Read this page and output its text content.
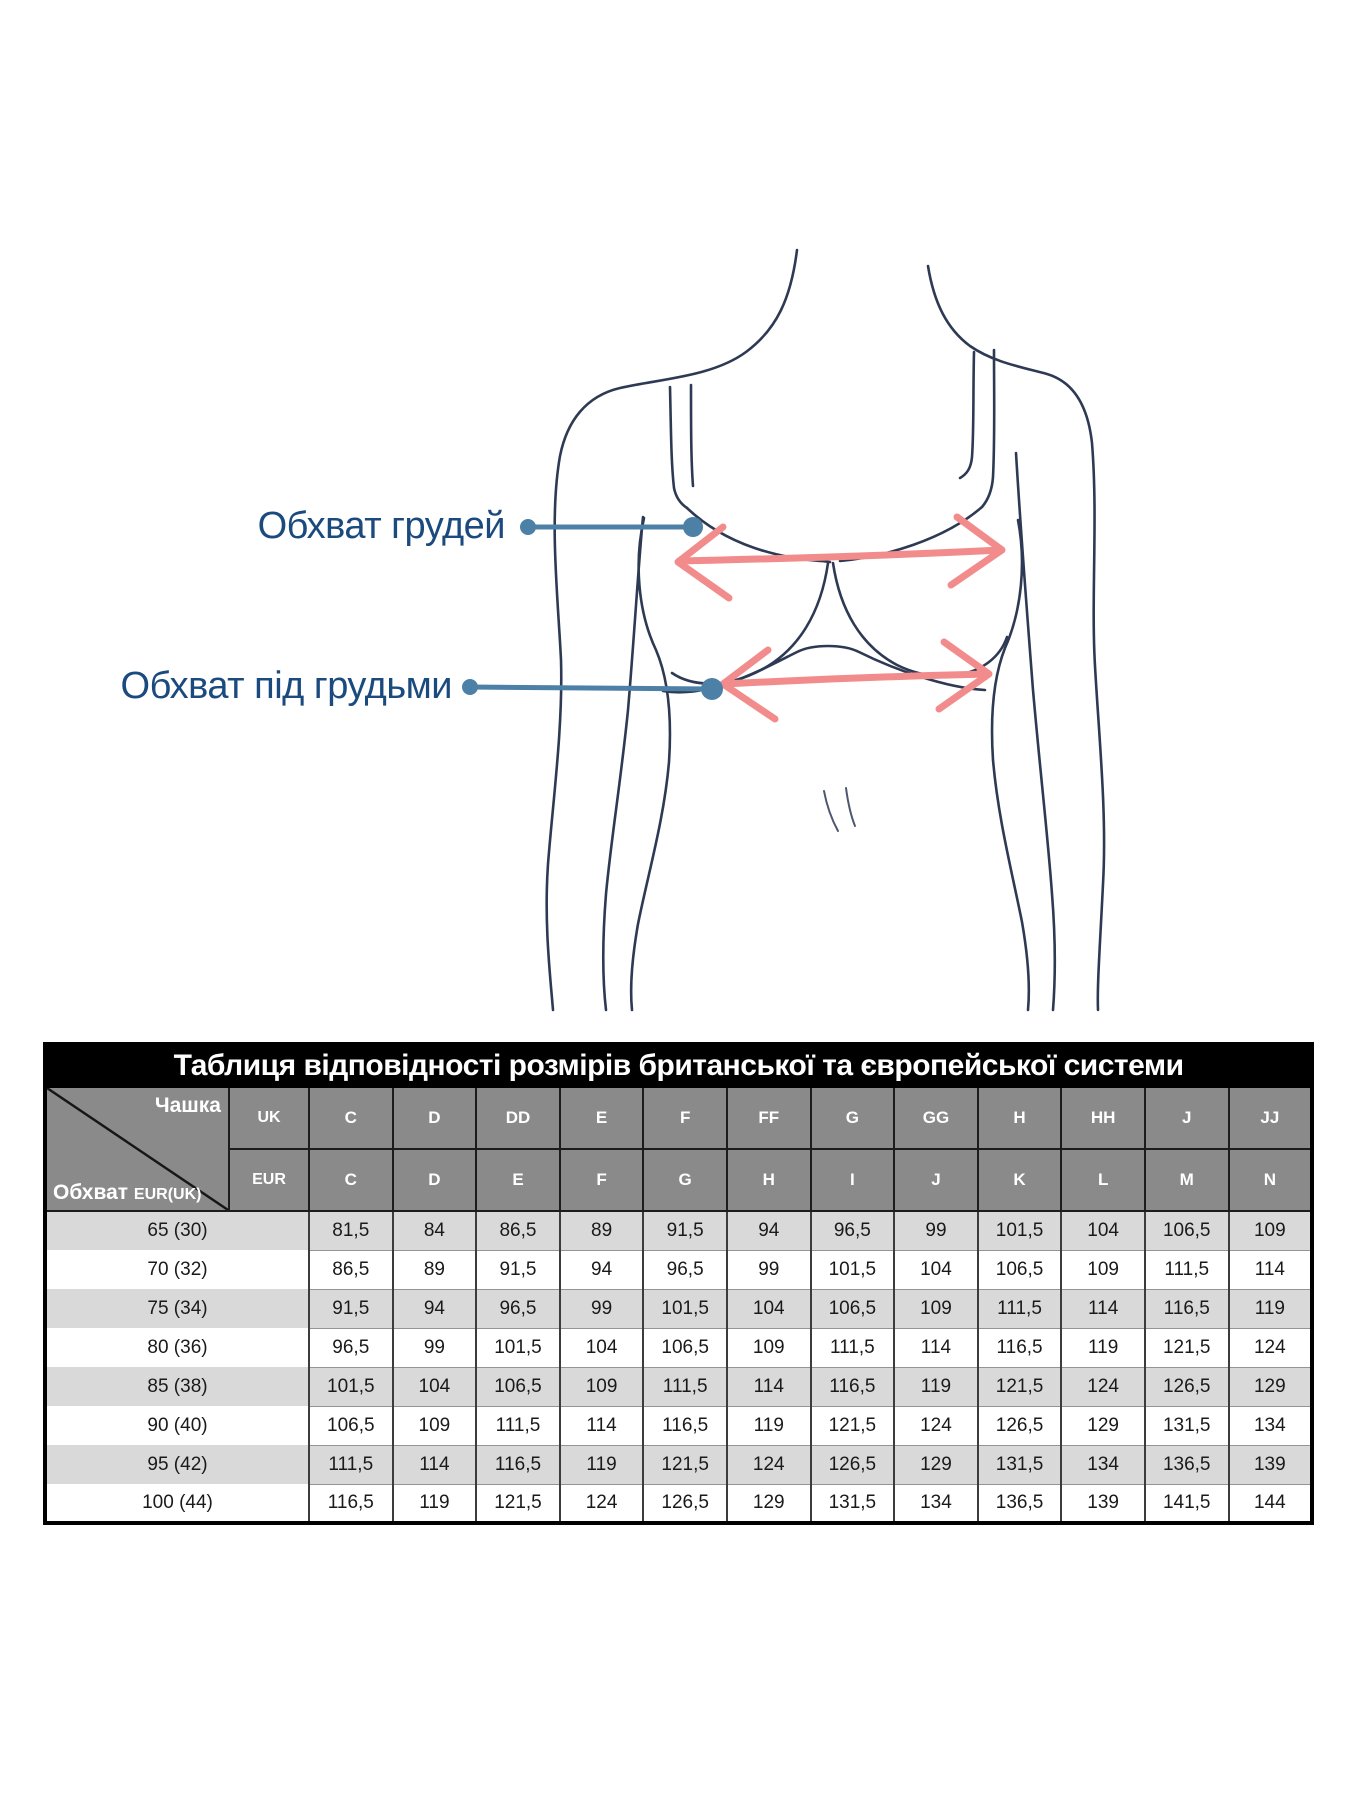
Обхват грудей
Обхват під грудьми
Таблиця відповідності розмірів британської та європейської системи													

Чашка
Обхват EUR(UK)	UK	C	D	DD	E	F	FF	G	GG	H	HH	J	JJ
	EUR	C	D	E	F	G	H	I	J	K	L	M	N
65 (30)		81,5	84	86,5	89	91,5	94	96,5	99	101,5	104	106,5	109
70 (32)		86,5	89	91,5	94	96,5	99	101,5	104	106,5	109	111,5	114
75 (34)		91,5	94	96,5	99	101,5	104	106,5	109	111,5	114	116,5	119
80 (36)		96,5	99	101,5	104	106,5	109	111,5	114	116,5	119	121,5	124
85 (38)		101,5	104	106,5	109	111,5	114	116,5	119	121,5	124	126,5	129
90 (40)		106,5	109	111,5	114	116,5	119	121,5	124	126,5	129	131,5	134
95 (42)		111,5	114	116,5	119	121,5	124	126,5	129	131,5	134	136,5	139
100 (44)		116,5	119	121,5	124	126,5	129	131,5	134	136,5	139	141,5	144
